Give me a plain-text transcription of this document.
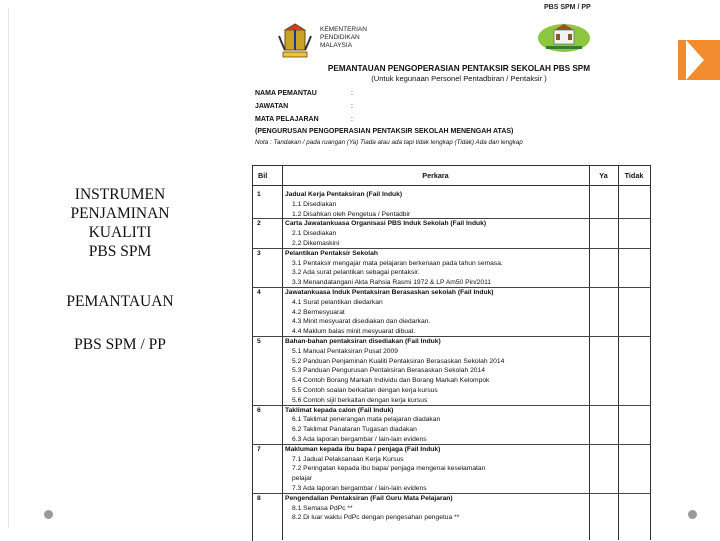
INSTRUMEN
PENJAMINAN
KUALITI
PBS SPM
PEMANTAUAN
PBS SPM / PP
PBS SPM / PP
KEMENTERIAN
PENDIDIKAN
MALAYSIA
PEMANTAUAN PENGOPERASIAN PENTAKSIR SEKOLAH PBS SPM
(Untuk kegunaan Personel Pentadbiran / Pentaksir )
NAMA PEMANTAU	:
JAWATAN	:
MATA PELAJARAN	:
(PENGURUSAN PENGOPERASIAN PENTAKSIR SEKOLAH MENENGAH ATAS)
Nota : Tandakan / pada ruangan (Ya) Tiada atau ada tapi tidak lengkap (Tidak) Ada dan lengkap
Bil	Perkara	Ya	Tidak
1	Jadual Kerja Pentaksiran (Fail Induk)
1.1 Disediakan
1.2 Disahkan oleh Pengetua / Pentadbir
2	Carta Jawatankuasa Organisasi PBS Induk Sekolah (Fail Induk)
2.1 Disediakan
2.2 Dikemaskini
3	Pelantikan Pentaksir Sekolah
3.1 Pentaksir mengajar mata pelajaran berkenaan pada tahun semasa.
3.2 Ada surat pelantikan sebagai pentaksir.
3.3 Menandatangani Akta Rahsia Rasmi 1972 & LP Am50 Pin/2011
4	Jawatankuasa Induk Pentaksiran Berasaskan sekolah (Fail Induk)
4.1 Surat pelantikan diedarkan
4.2 Bermesyuarat
4.3 Minit mesyuarat disediakan dan diedarkan.
4.4 Maklum balas minit mesyuarat dibuat.
5	Bahan-bahan pentaksiran disediakan (Fail Induk)
5.1 Manual Pentaksiran Pusat 2009
5.2 Panduan Penjaminan Kualiti Pentaksiran Berasaskan Sekolah 2014
5.3 Panduan Pengurusan Pentaksiran Berasaskan Sekolah 2014
5.4 Contoh Borang Markah Individu dan Borang Markah Kelompok
5.5 Contoh soalan berkaitan dengan kerja kursus
5.6 Contoh sijil berkaitan dengan kerja kursus
6	Taklimat kepada calon (Fail Induk)
6.1 Taklimat penerangan mata pelajaran diadakan
6.2 Taklimat Panataran Tugasan diadakan
6.3 Ada laporan bergambar / lain-lain evidens
7	Makluman kepada ibu bapa / penjaga (Fail Induk)
7.1 Jadual Pelaksanaan Kerja Kursus
7.2 Peringatan kepada ibu bapa/ penjaga mengenai keselamatan
pelajar
7.3 Ada laporan bergambar / lain-lain evidens
8	Pengendalian Pentaksiran (Fail Guru Mata Pelajaran)
8.1 Semasa PdPc **
8.2 Di luar waktu PdPc dengan pengesahan pengetua **
